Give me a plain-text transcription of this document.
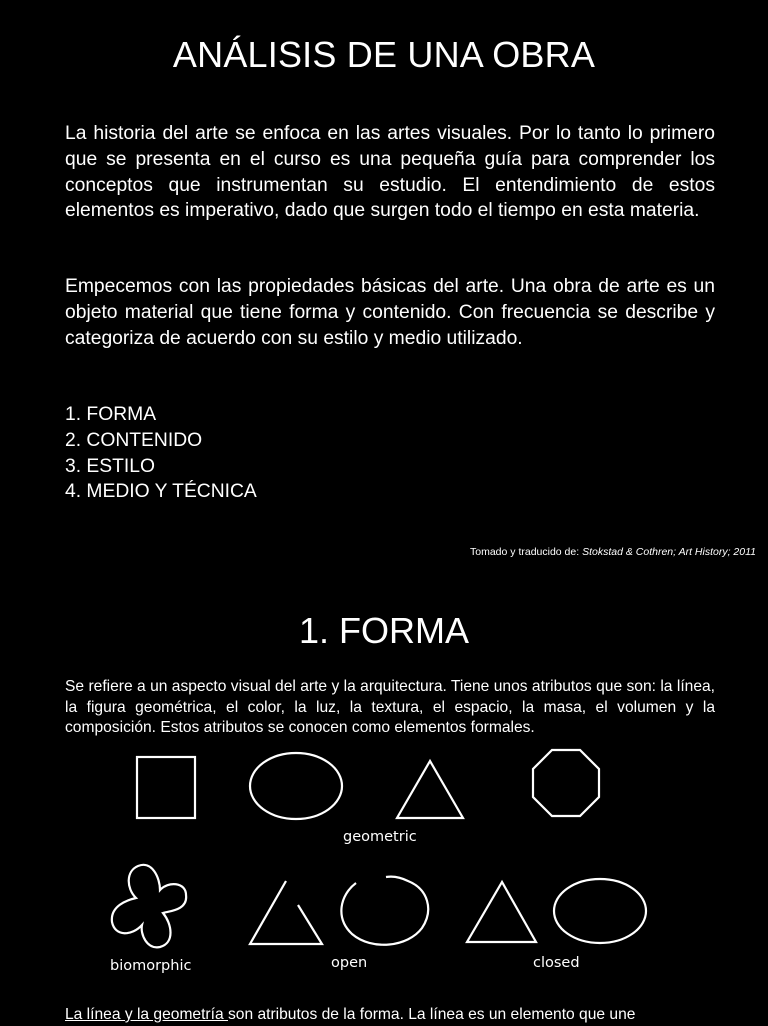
ANÁLISIS DE UNA OBRA

La historia del arte se enfoca en las artes visuales. Por lo tanto lo primero que se presenta en el curso es una pequeña guía para comprender los conceptos que instrumentan su estudio. El entendimiento de estos elementos es imperativo, dado que surgen todo el tiempo en esta materia.

Empecemos con las propiedades básicas del arte. Una obra de arte es un objeto material que tiene forma y contenido. Con frecuencia se describe y categoriza de acuerdo con su estilo y medio utilizado.

1. FORMA
2. CONTENIDO
3. ESTILO
4. MEDIO Y TÉCNICA

Tomado y traducido de: Stokstad & Cothren; Art History; 2011

1. FORMA

Se refiere a un aspecto visual del arte y la arquitectura. Tiene unos atributos que son: la línea, la figura geométrica, el color, la luz, la textura, el espacio, la masa, el volumen y la composición. Estos atributos se conocen como elementos formales.

geometric

biomorphic	open	closed

La línea y la geometría son atributos de la forma. La línea es un elemento que une
